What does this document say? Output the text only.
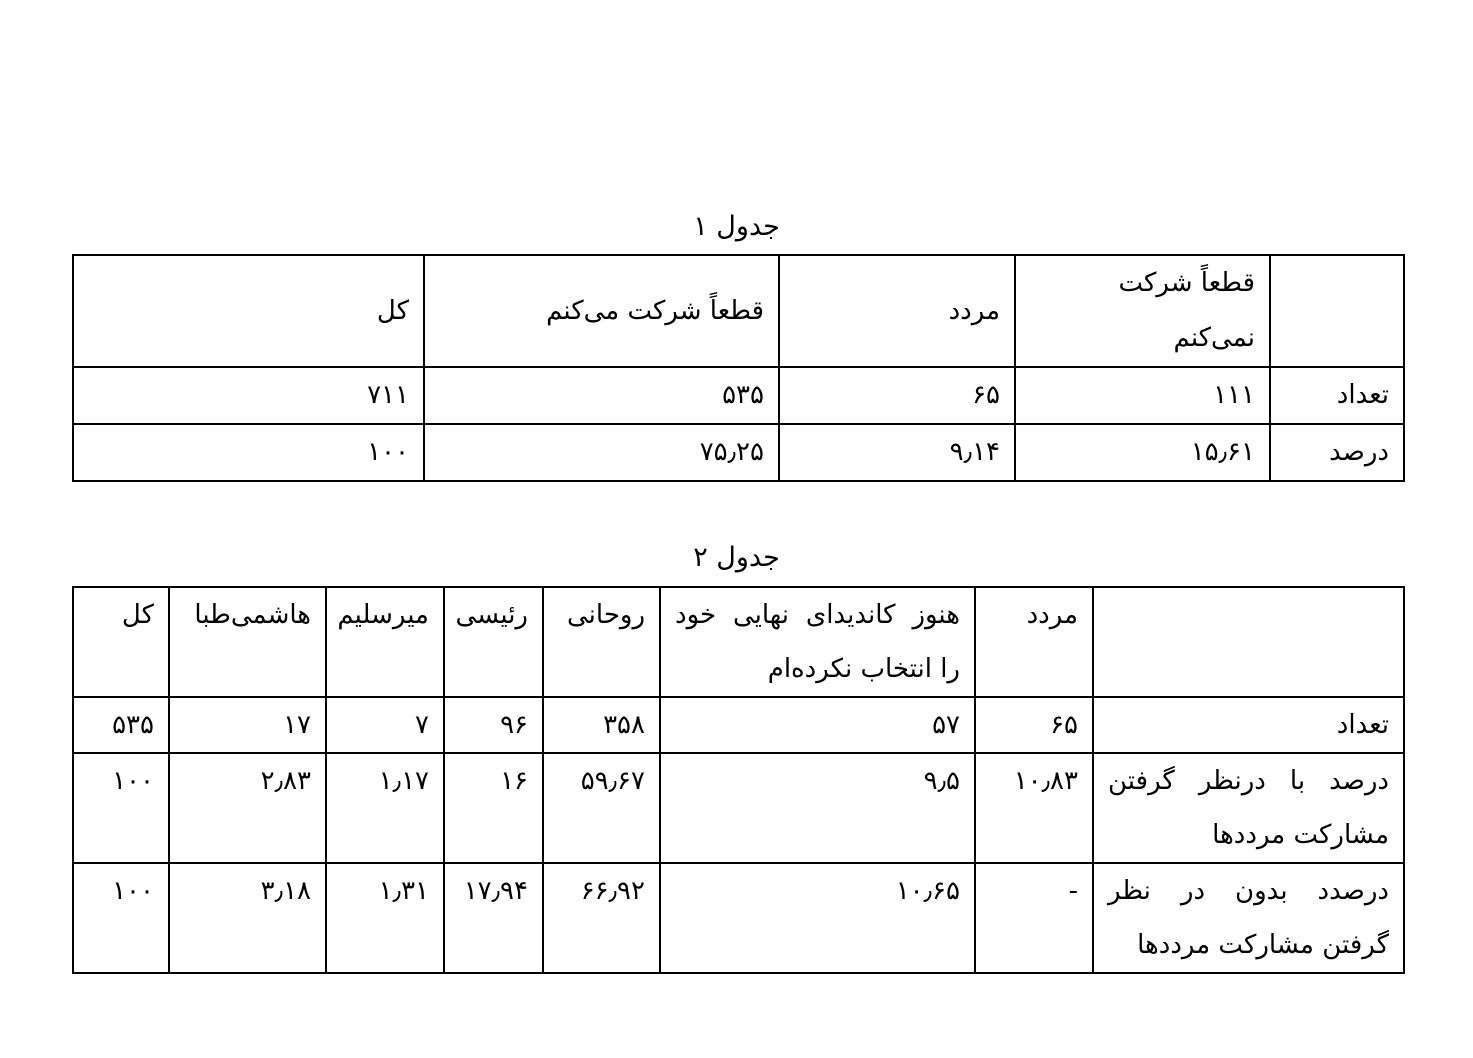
جدول ۱
	قطعاً شرکت نمی‌کنم	مردد	قطعاً شرکت می‌کنم	کل
تعداد	۱۱۱	۶۵	۵۳۵	۷۱۱
درصد	۱۵٫۶۱	۹٫۱۴	۷۵٫۲۵	۱۰۰
جدول ۲
	مردد	هنوز کاندیدای نهایی خود را انتخاب نکرده‌ام	روحانی	رئیسی	میرسلیم	هاشمی‌طبا	کل
تعداد	۶۵	۵۷	۳۵۸	۹۶	۷	۱۷	۵۳۵
درصد با درنظر گرفتن مشارکت مرددها	۱۰٫۸۳	۹٫۵	۵۹٫۶۷	۱۶	۱٫۱۷	۲٫۸۳	۱۰۰
درصدد بدون در نظر گرفتن مشارکت مرددها	-	۱۰٫۶۵	۶۶٫۹۲	۱۷٫۹۴	۱٫۳۱	۳٫۱۸	۱۰۰
